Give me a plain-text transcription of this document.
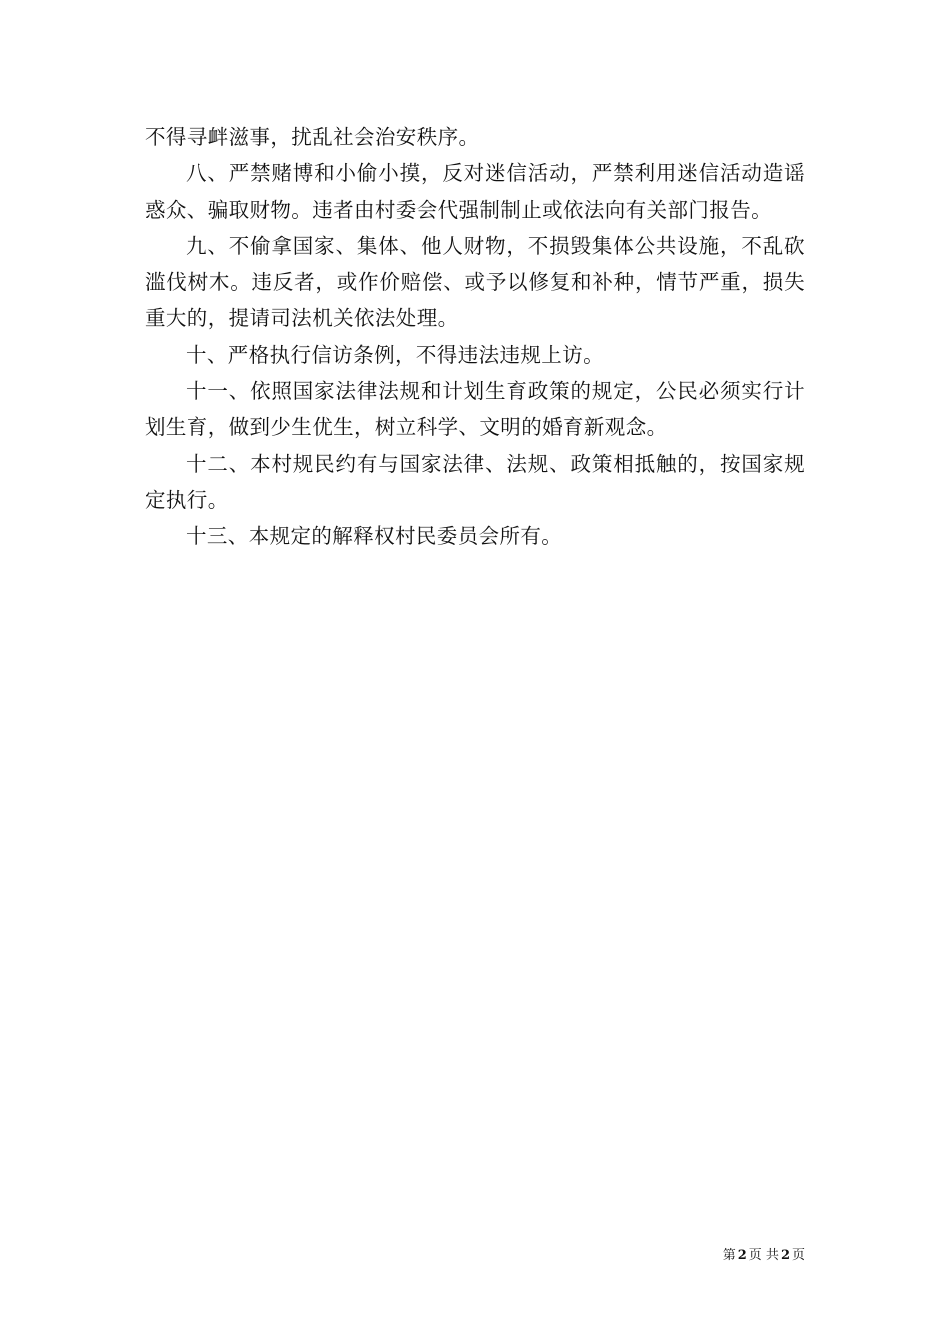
不得寻衅滋事，扰乱社会治安秩序。

八、严禁赌博和小偷小摸，反对迷信活动，严禁利用迷信活动造谣惑众、骗取财物。违者由村委会代强制制止或依法向有关部门报告。

九、不偷拿国家、集体、他人财物，不损毁集体公共设施，不乱砍滥伐树木。违反者，或作价赔偿、或予以修复和补种，情节严重，损失重大的，提请司法机关依法处理。

十、严格执行信访条例，不得违法违规上访。

十一、依照国家法律法规和计划生育政策的规定，公民必须实行计划生育，做到少生优生，树立科学、文明的婚育新观念。

十二、本村规民约有与国家法律、法规、政策相抵触的，按国家规定执行。

十三、本规定的解释权村民委员会所有。

第 2 页 共 2 页
